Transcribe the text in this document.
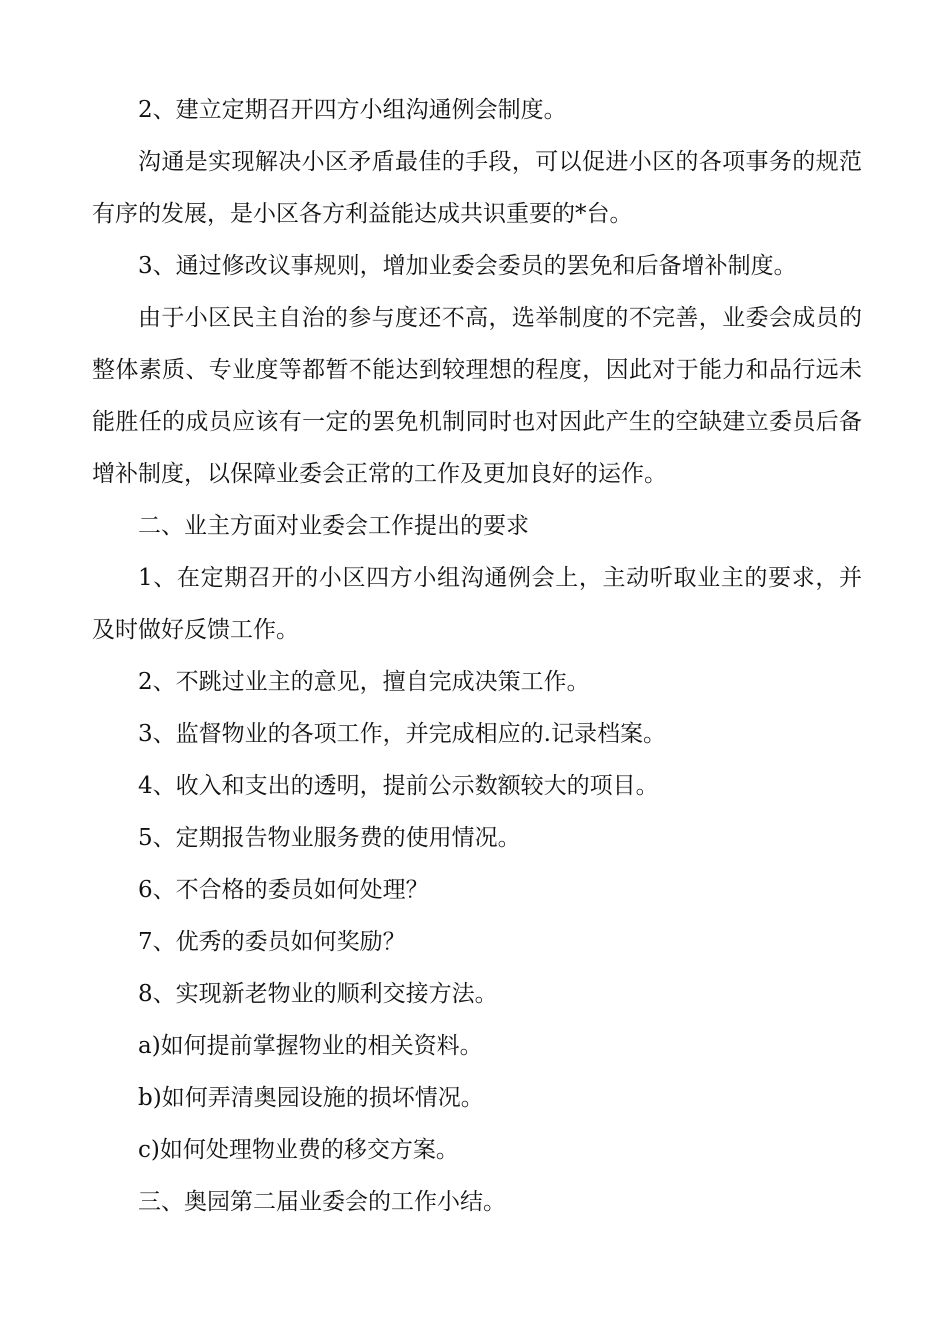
2、建立定期召开四方小组沟通例会制度。

沟通是实现解决小区矛盾最佳的手段，可以促进小区的各项事务的规范有序的发展，是小区各方利益能达成共识重要的*台。

3、通过修改议事规则，增加业委会委员的罢免和后备增补制度。

由于小区民主自治的参与度还不高，选举制度的不完善，业委会成员的整体素质、专业度等都暂不能达到较理想的程度，因此对于能力和品行远未能胜任的成员应该有一定的罢免机制同时也对因此产生的空缺建立委员后备增补制度，以保障业委会正常的工作及更加良好的运作。

二、业主方面对业委会工作提出的要求

1、在定期召开的小区四方小组沟通例会上，主动听取业主的要求，并及时做好反馈工作。

2、不跳过业主的意见，擅自完成决策工作。

3、监督物业的各项工作，并完成相应的.记录档案。

4、收入和支出的透明，提前公示数额较大的项目。

5、定期报告物业服务费的使用情况。

6、不合格的委员如何处理？

7、优秀的委员如何奖励？

8、实现新老物业的顺利交接方法。

a)如何提前掌握物业的相关资料。

b)如何弄清奥园设施的损坏情况。

c)如何处理物业费的移交方案。

三、奥园第二届业委会的工作小结。
